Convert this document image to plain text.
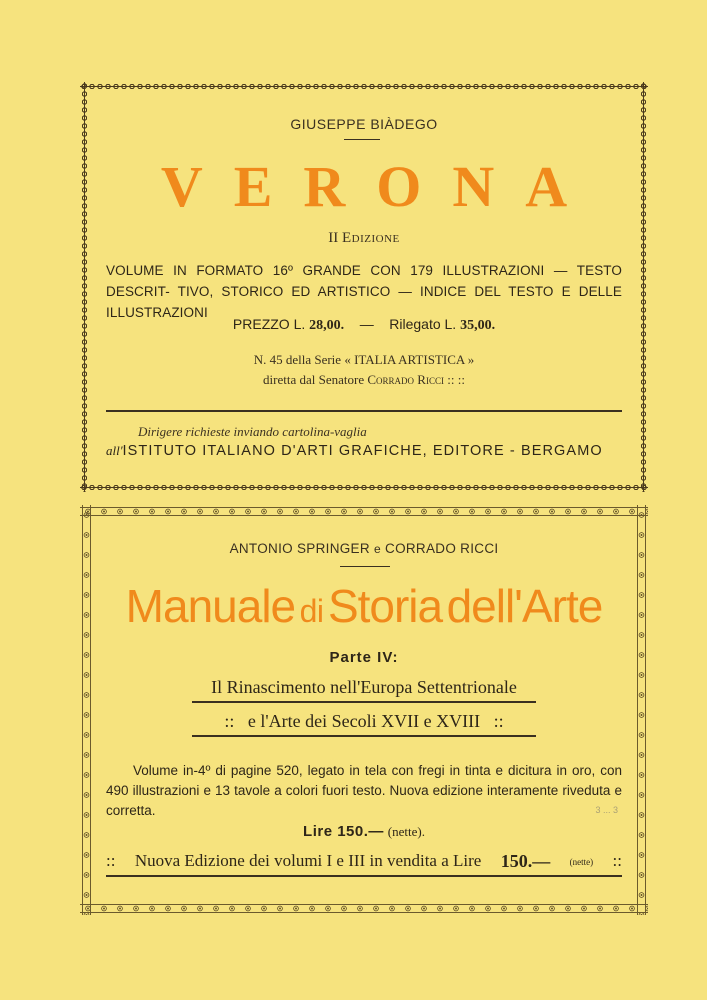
GIUSEPPE BIÀDEGO
VERONA
II Edizione
VOLUME IN FORMATO 16º GRANDE CON 179 ILLUSTRAZIONI — TESTO DESCRIT- TIVO, STORICO ED ARTISTICO — INDICE DEL TESTO E DELLE ILLUSTRAZIONI
PREZZO L. 28,00. — Rilegato L. 35,00.
N. 45 della Serie « ITALIA ARTISTICA »
diretta dal Senatore Corrado Ricci :: ::
Dirigere richieste inviando cartolina-vaglia
all'ISTITUTO ITALIANO D'ARTI GRAFICHE, EDITORE - BERGAMO
ANTONIO SPRINGER e CORRADO RICCI
Manuale di Storia dell'Arte
Parte IV:
Il Rinascimento nell'Europa Settentrionale
::   e l'Arte dei Secoli XVII e XVIII   ::

Volume in-4º di pagine 520, legato in tela con fregi in tinta e dicitura in oro, con 490 illustrazioni e 13 tavole a colori fuori testo. Nuova edizione interamente riveduta e corretta.	3 ... 3
Lire 150.— (nette).
:: Nuova Edizione dei volumi I e III in vendita a Lire 150.— (nette) ::
